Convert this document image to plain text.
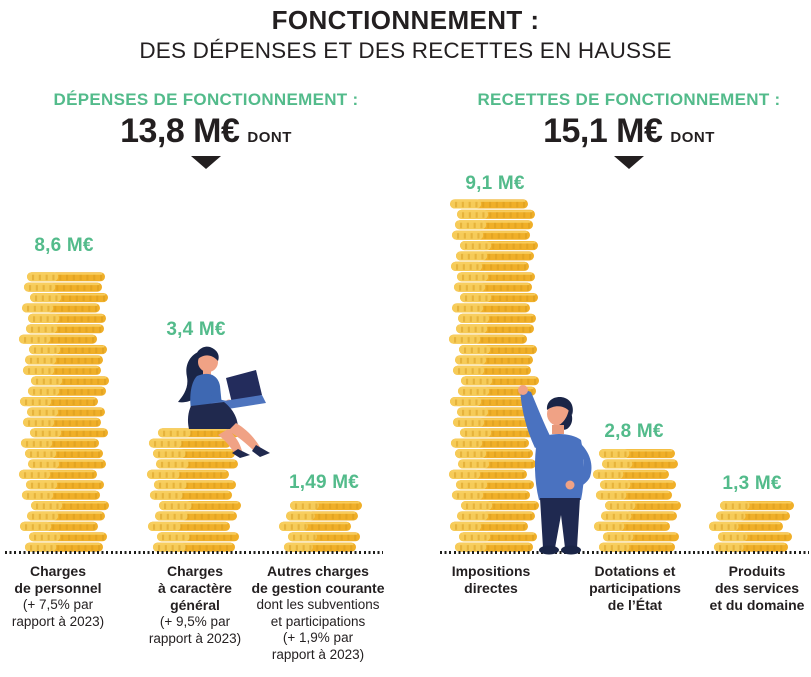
FONCTIONNEMENT :
DES DÉPENSES ET DES RECETTES EN HAUSSE
DÉPENSES DE FONCTIONNEMENT :
13,8 M€ DONT
RECETTES DE FONCTIONNEMENT :
15,1 M€ DONT
8,6 M€
Charges
de personnel
(+ 7,5% par
rapport à 2023)
3,4 M€
Charges
à caractère
général
(+ 9,5% par
rapport à 2023)
1,49 M€
Autres charges
de gestion courante
dont les subventions
et participations
(+ 1,9% par
rapport à 2023)
9,1 M€
Impositions
directes
2,8 M€
Dotations et
participations
de l’État
1,3 M€
Produits
des services
et du domaine
